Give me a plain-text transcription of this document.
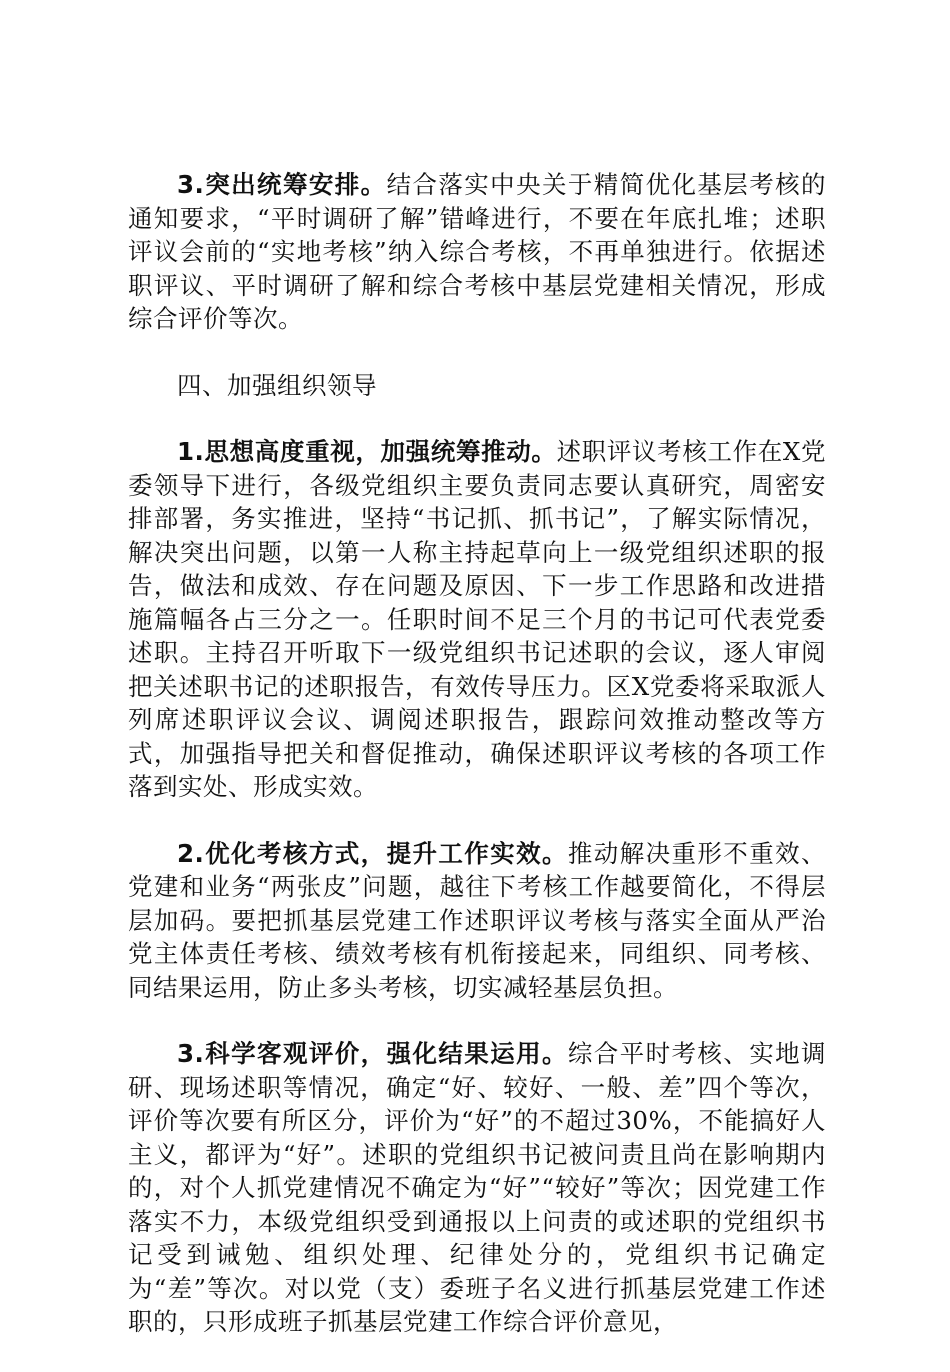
3.突出统筹安排。结合落实中央关于精简优化基层考核的通知要求，“平时调研了解”错峰进行，不要在年底扎堆；述职评议会前的“实地考核”纳入综合考核，不再单独进行。依据述职评议、平时调研了解和综合考核中基层党建相关情况，形成综合评价等次。

四、加强组织领导

1.思想高度重视，加强统筹推动。述职评议考核工作在X党委领导下进行，各级党组织主要负责同志要认真研究，周密安排部署，务实推进，坚持“书记抓、抓书记”，了解实际情况，解决突出问题，以第一人称主持起草向上一级党组织述职的报告，做法和成效、存在问题及原因、下一步工作思路和改进措施篇幅各占三分之一。任职时间不足三个月的书记可代表党委述职。主持召开听取下一级党组织书记述职的会议，逐人审阅把关述职书记的述职报告，有效传导压力。区X党委将采取派人列席述职评议会议、调阅述职报告，跟踪问效推动整改等方式，加强指导把关和督促推动，确保述职评议考核的各项工作落到实处、形成实效。

2.优化考核方式，提升工作实效。推动解决重形不重效、党建和业务“两张皮”问题，越往下考核工作越要简化，不得层层加码。要把抓基层党建工作述职评议考核与落实全面从严治党主体责任考核、绩效考核有机衔接起来，同组织、同考核、同结果运用，防止多头考核，切实减轻基层负担。

3.科学客观评价，强化结果运用。综合平时考核、实地调研、现场述职等情况，确定“好、较好、一般、差”四个等次，评价等次要有所区分，评价为“好”的不超过30%，不能搞好人主义，都评为“好”。述职的党组织书记被问责且尚在影响期内的，对个人抓党建情况不确定为“好”“较好”等次；因党建工作落实不力，本级党组织受到通报以上问责的或述职的党组织书记受到诫勉、组织处理、纪律处分的，党组织书记确定为“差”等次。对以党（支）委班子名义进行抓基层党建工作述职的，只形成班子抓基层党建工作综合评价意见，
